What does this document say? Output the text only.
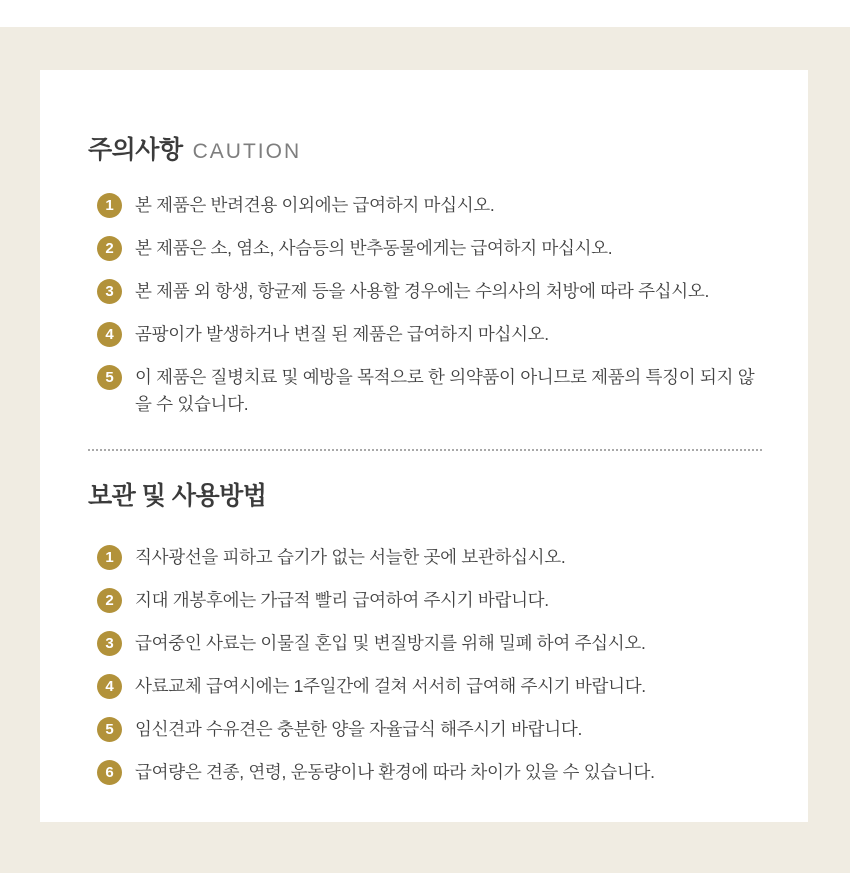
주의사항 CAUTION
1	본 제품은 반려견용 이외에는 급여하지 마십시오.

2	본 제품은 소, 염소, 사슴등의 반추동물에게는 급여하지 마십시오.

3	본 제품 외 항생, 항균제 등을 사용할 경우에는 수의사의 처방에 따라 주십시오.

4	곰팡이가 발생하거나 변질 된 제품은 급여하지 마십시오.

5	이 제품은 질병치료 및 예방을 목적으로 한 의약품이 아니므로 제품의 특징이 되지 않을 수 있습니다.

보관 및 사용방법
1	직사광선을 피하고 습기가 없는 서늘한 곳에 보관하십시오.

2	지대 개봉후에는 가급적 빨리 급여하여 주시기 바랍니다.

3	급여중인 사료는 이물질 혼입 및 변질방지를 위해 밀폐 하여 주십시오.

4	사료교체 급여시에는 1주일간에 걸쳐 서서히 급여해 주시기 바랍니다.

5	임신견과 수유견은 충분한 양을 자율급식 해주시기 바랍니다.

6	급여량은 견종, 연령, 운동량이나 환경에 따라 차이가 있을 수 있습니다.
